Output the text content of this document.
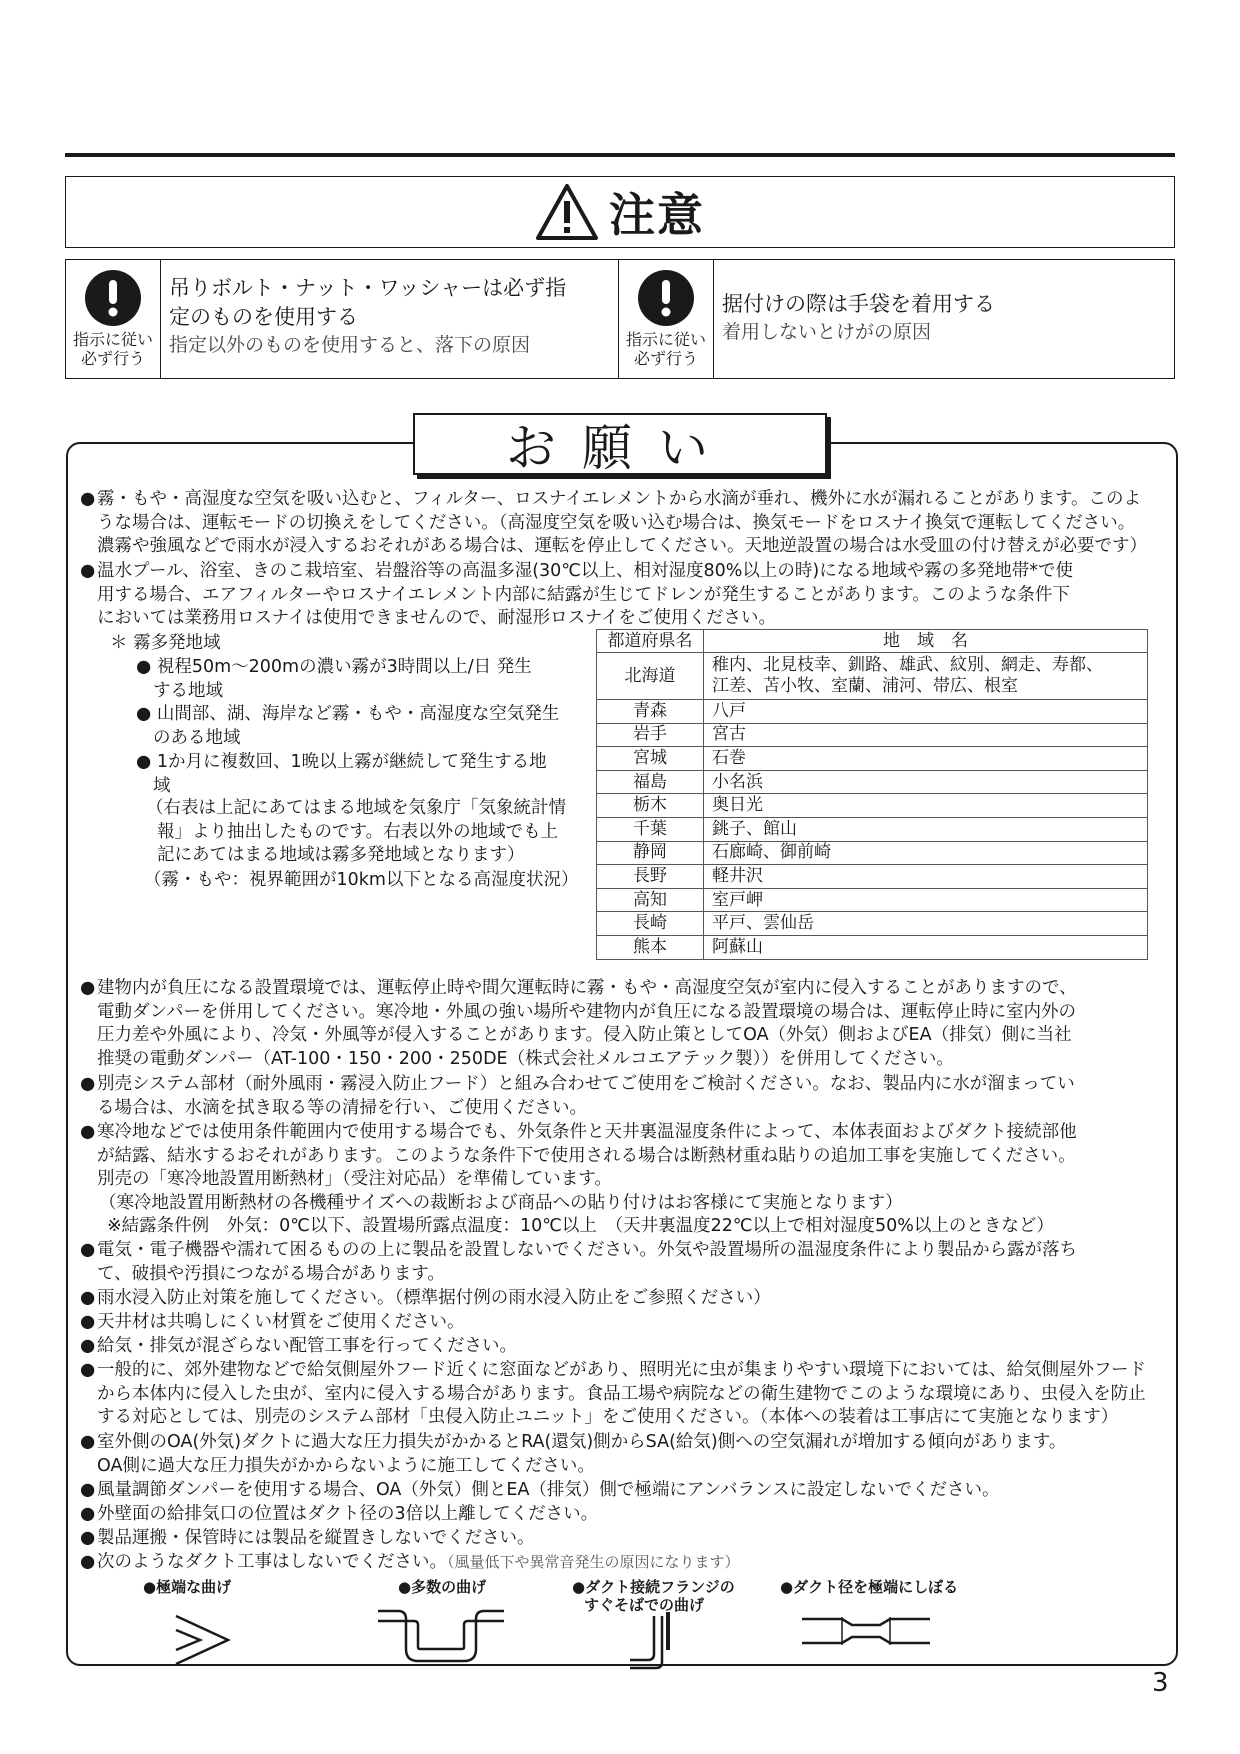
注意
指示に従い
必ず行う
吊りボルト・ナット・ワッシャーは必ず指
定のものを使用する
指定以外のものを使用すると、落下の原因	指示に従い
必ず行う
据付けの際は手袋を着用する
着用しないとけがの原因
お願い
● 霧・もや・高湿度な空気を吸い込むと、フィルター、ロスナイエレメントから水滴が垂れ、機外に水が漏れることがあります。このよ
うな場合は、運転モードの切換えをしてください。（高湿度空気を吸い込む場合は、換気モードをロスナイ換気で運転してください。
濃霧や強風などで雨水が浸入するおそれがある場合は、運転を停止してください。天地逆設置の場合は水受皿の付け替えが必要です）
● 温水プール、浴室、きのこ栽培室、岩盤浴等の高温多湿(30℃以上、相対湿度80%以上の時)になる地域や霧の多発地帯*で使
用する場合、エアフィルターやロスナイエレメント内部に結露が生じてドレンが発生することがあります。このような条件下
においては業務用ロスナイは使用できませんので、耐湿形ロスナイをご使用ください。
＊ 霧多発地域
● 視程50m～200mの濃い霧が3時間以上/日 発生
する地域
● 山間部、湖、海岸など霧・もや・高湿度な空気発生
のある地域
● 1か月に複数回、1晩以上霧が継続して発生する地
域
（右表は上記にあてはまる地域を気象庁「気象統計情
報」より抽出したものです。右表以外の地域でも上
記にあてはまる地域は霧多発地域となります）
（霧・もや：視界範囲が10km以下となる高湿度状況）
都道府県名	地　域　名
北海道	稚内、北見枝幸、釧路、雄武、紋別、網走、寿都、
江差、苫小牧、室蘭、浦河、帯広、根室

青森	八戸
岩手	宮古
宮城	石巻
福島	小名浜
栃木	奥日光
千葉	銚子、館山
静岡	石廊崎、御前崎
長野	軽井沢
高知	室戸岬
長崎	平戸、雲仙岳
熊本	阿蘇山
● 建物内が負圧になる設置環境では、運転停止時や間欠運転時に霧・もや・高湿度空気が室内に侵入することがありますので、
電動ダンパーを併用してください。寒冷地・外風の強い場所や建物内が負圧になる設置環境の場合は、運転停止時に室内外の
圧力差や外風により、冷気・外風等が侵入することがあります。侵入防止策としてOA（外気）側およびEA（排気）側に当社
推奨の電動ダンパー（AT-100・150・200・250DE（株式会社メルコエアテック製））を併用してください。
● 別売システム部材（耐外風雨・霧浸入防止フード）と組み合わせてご使用をご検討ください。なお、製品内に水が溜まってい
る場合は、水滴を拭き取る等の清掃を行い、ご使用ください。
● 寒冷地などでは使用条件範囲内で使用する場合でも、外気条件と天井裏温湿度条件によって、本体表面およびダクト接続部他
が結露、結氷するおそれがあります。このような条件下で使用される場合は断熱材重ね貼りの追加工事を実施してください。
別売の「寒冷地設置用断熱材」（受注対応品）を準備しています。
（寒冷地設置用断熱材の各機種サイズへの裁断および商品への貼り付けはお客様にて実施となります）
※結露条件例　外気：0℃以下、設置場所露点温度：10℃以上　（天井裏温度22℃以上で相対湿度50%以上のときなど）
● 電気・電子機器や濡れて困るものの上に製品を設置しないでください。外気や設置場所の温湿度条件により製品から露が落ち
て、破損や汚損につながる場合があります。
● 雨水浸入防止対策を施してください。（標準据付例の雨水浸入防止をご参照ください）
● 天井材は共鳴しにくい材質をご使用ください。
● 給気・排気が混ざらない配管工事を行ってください。
● 一般的に、郊外建物などで給気側屋外フード近くに窓面などがあり、照明光に虫が集まりやすい環境下においては、給気側屋外フード
から本体内に侵入した虫が、室内に侵入する場合があります。食品工場や病院などの衛生建物でこのような環境にあり、虫侵入を防止
する対応としては、別売のシステム部材「虫侵入防止ユニット」をご使用ください。（本体への装着は工事店にて実施となります）
● 室外側のOA(外気)ダクトに過大な圧力損失がかかるとRA(還気)側からSA(給気)側への空気漏れが増加する傾向があります。
OA側に過大な圧力損失がかからないように施工してください。
● 風量調節ダンパーを使用する場合、OA（外気）側とEA（排気）側で極端にアンバランスに設定しないでください。
● 外壁面の給排気口の位置はダクト径の3倍以上離してください。
● 製品運搬・保管時には製品を縦置きしないでください。
● 次のようなダクト工事はしないでください。（風量低下や異常音発生の原因になります）
●極端な曲げ	●多数の曲げ	●ダクト接続フランジの
すぐそばでの曲げ
●ダクト径を極端にしぼる
3
